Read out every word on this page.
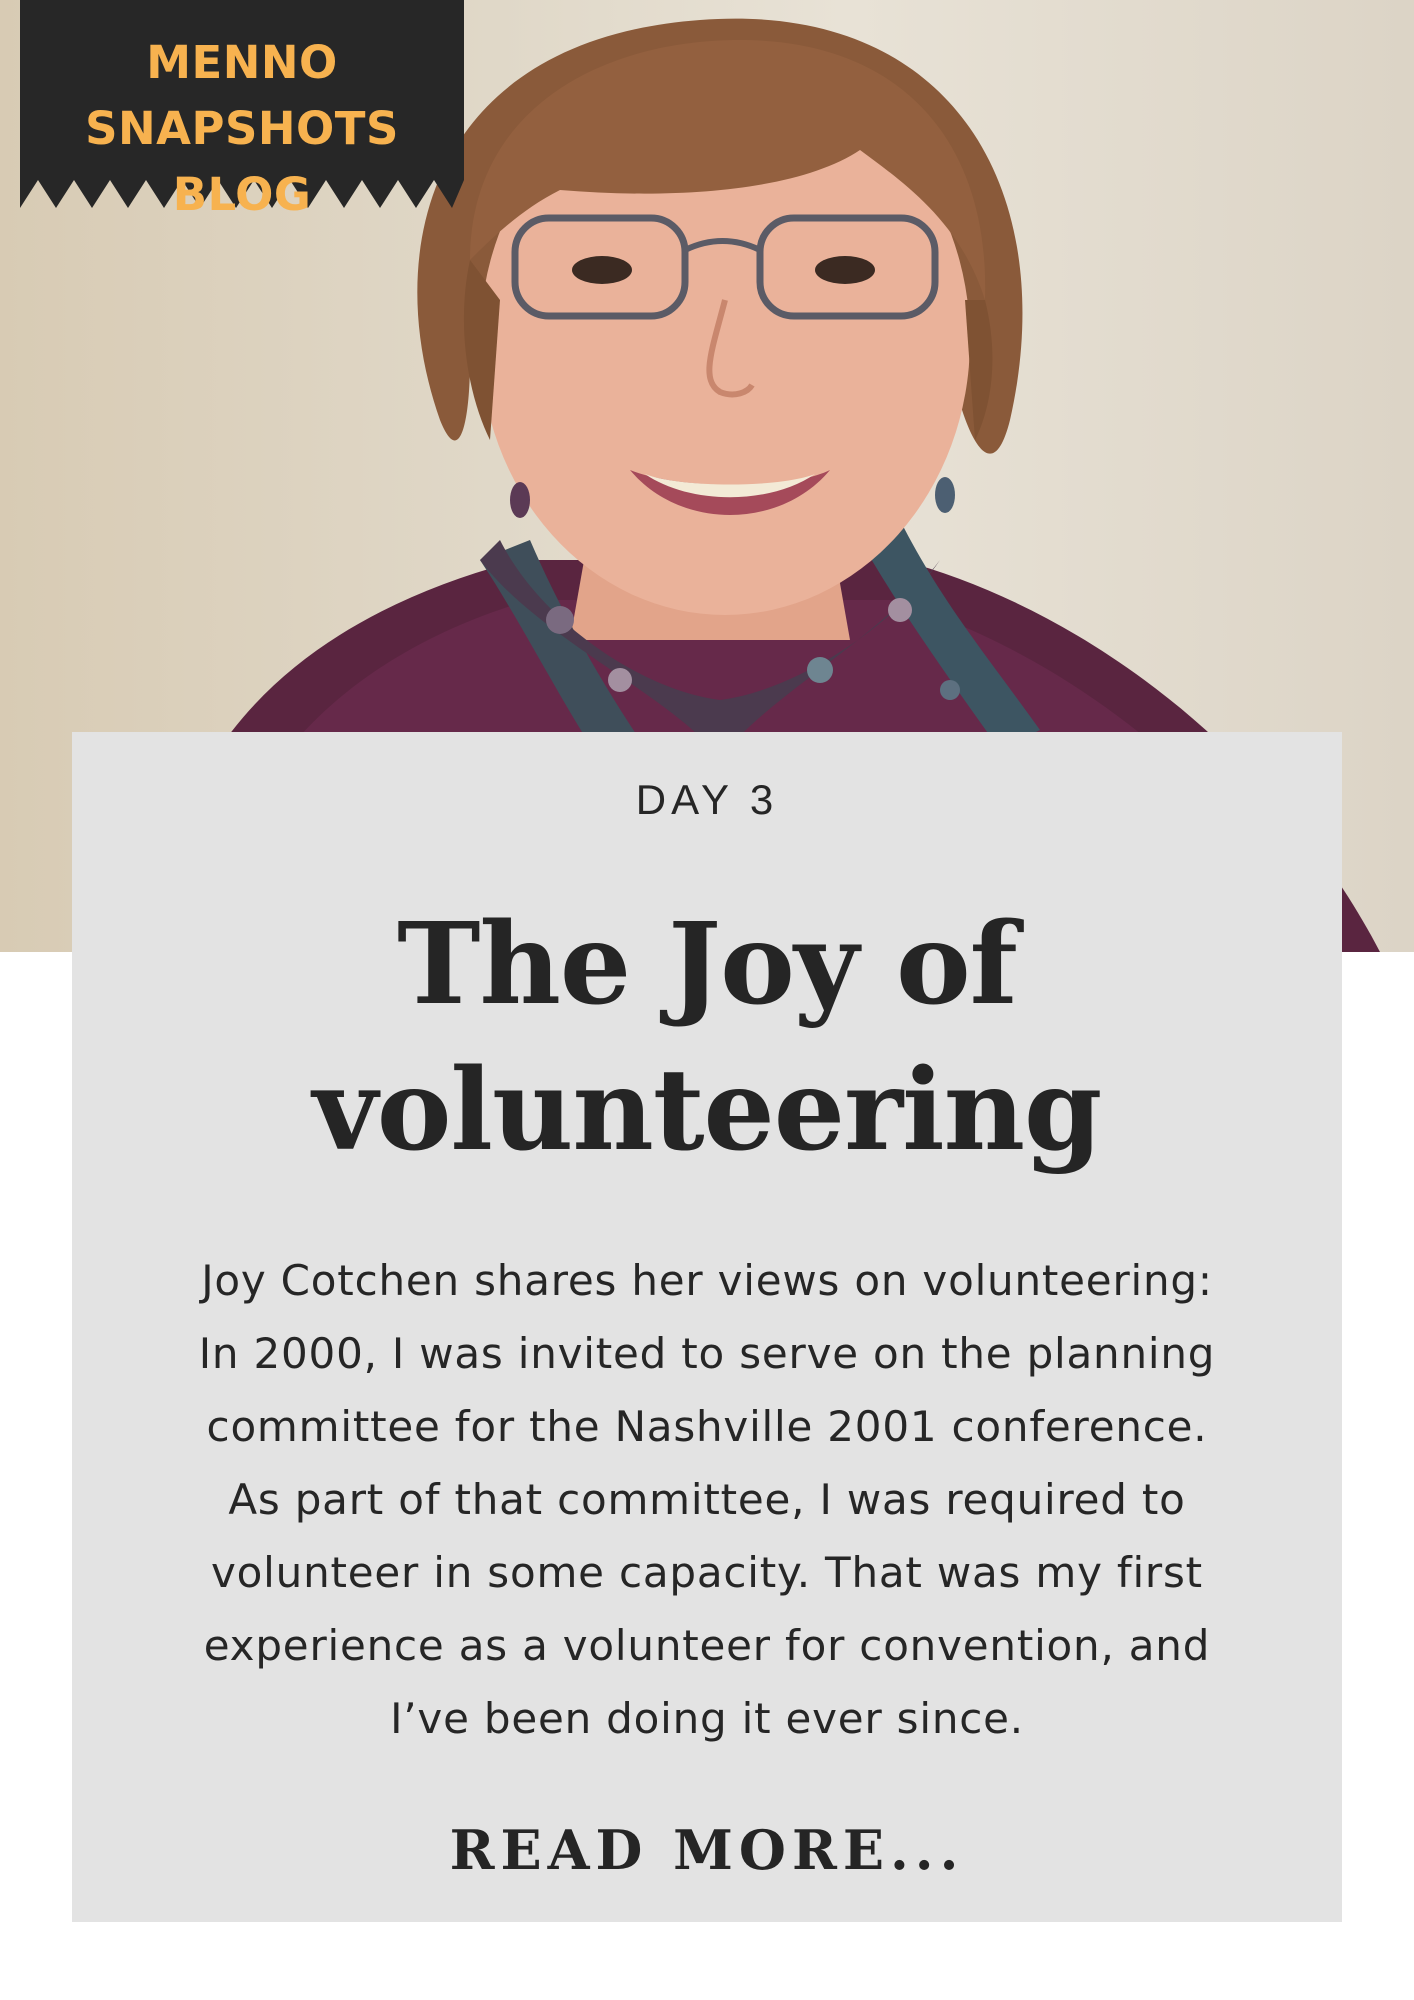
MENNO
SNAPSHOTS BLOG
DAY 3
The Joy of
volunteering
Joy Cotchen shares her views on volunteering:
In 2000, I was invited to serve on the planning
committee for the Nashville 2001 conference.
As part of that committee, I was required to
volunteer in some capacity. That was my first
experience as a volunteer for convention, and
I’ve been doing it ever since.
READ MORE...
